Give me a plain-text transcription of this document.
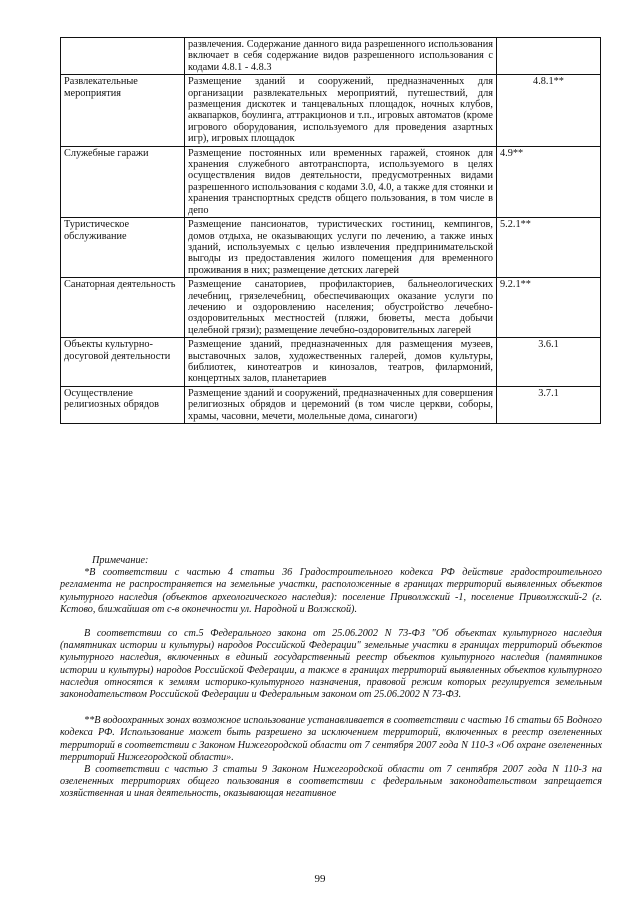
	развлечения. Содержание данного вида разрешенного использования включает в себя содержание видов разрешенного использования с кодами 4.8.1 - 4.8.3	
Развлекательные мероприятия	Размещение зданий и сооружений, предназначенных для организации развлекательных мероприятий, путешествий, для размещения дискотек и танцевальных площадок, ночных клубов, аквапарков, боулинга, аттракционов и т.п., игровых автоматов (кроме игрового оборудования, используемого для проведения азартных игр), игровых площадок	4.8.1**
Служебные гаражи	Размещение постоянных или временных гаражей, стоянок для хранения служебного автотранспорта, используемого в целях осуществления видов деятельности, предусмотренных видами разрешенного использования с кодами 3.0, 4.0, а также для стоянки и хранения транспортных средств общего пользования, в том числе в депо	4.9**
Туристическое обслуживание	Размещение пансионатов, туристических гостиниц, кемпингов, домов отдыха, не оказывающих услуги по лечению, а также иных зданий, используемых с целью извлечения предпринимательской выгоды из предоставления жилого помещения для временного проживания в них; размещение детских лагерей	5.2.1**
Санаторная деятельность	Размещение санаториев, профилакториев, бальнеологических лечебниц, грязелечебниц, обеспечивающих оказание услуги по лечению и оздоровлению населения; обустройство лечебно-оздоровительных местностей (пляжи, бюветы, места добычи целебной грязи); размещение лечебно-оздоровительных лагерей	9.2.1**
Объекты культурно-досуговой деятельности	Размещение зданий, предназначенных для размещения музеев, выставочных залов, художественных галерей, домов культуры, библиотек, кинотеатров и кинозалов, театров, филармоний, концертных залов, планетариев	3.6.1
Осуществление религиозных обрядов	Размещение зданий и сооружений, предназначенных для совершения религиозных обрядов и церемоний (в том числе церкви, соборы, храмы, часовни, мечети, молельные дома, синагоги)	3.7.1

Примечание:

*В соответствии с частью 4 статьи 36 Градостроительного кодекса РФ действие градостроительного регламента не распространяется на земельные участки, расположенные в границах территорий выявленных объектов культурного наследия (объектов археологического наследия): поселение Приволжский -1, поселение Приволжский-2 (г. Кстово, ближайшая от с-в оконечности ул. Народной и Волжской).

В соответствии со ст.5 Федерального закона от 25.06.2002 N 73-ФЗ "Об объектах культурного наследия (памятниках истории и культуры) народов Российской Федерации" земельные участки в границах территорий объектов культурного наследия, включенных в единый государственный реестр объектов культурного наследия (памятников истории и культуры) народов Российской Федерации, а также в границах территорий выявленных объектов культурного наследия относятся к землям историко-культурного назначения, правовой режим которых регулируется земельным законодательством Российской Федерации и Федеральным законом от 25.06.2002 N 73-ФЗ.

**В водоохранных зонах возможное использование устанавливается в соответствии с частью 16 статьи 65 Водного кодекса РФ. Использование может быть разрешено за исключением территорий, включенных в реестр озелененных территорий в соответствии с Законом Нижегородской области от 7 сентября 2007 года N 110-З «Об охране озелененных территорий Нижегородской области».

В соответствии с частью 3 статьи 9 Законом Нижегородской области от 7 сентября 2007 года N 110-З на озелененных территориях общего пользования в соответствии с федеральным законодательством запрещается хозяйственная и иная деятельность, оказывающая негативное

99
